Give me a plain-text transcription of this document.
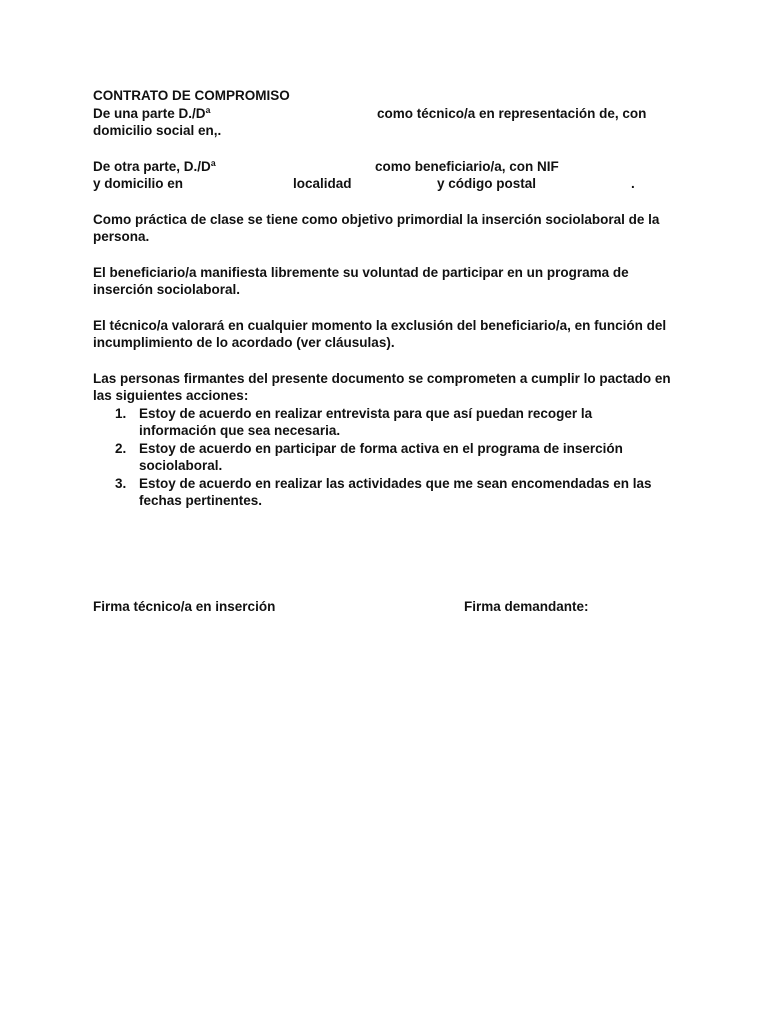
CONTRATO DE COMPROMISO
De una parte D./Dª	como técnico/a en representación de, con
domicilio social en,.
De otra parte, D./Dª	como beneficiario/a, con NIF
y domicilio en	localidad	y código postal	.

Como práctica de clase se tiene como objetivo primordial la inserción sociolaboral de la persona.

El beneficiario/a manifiesta libremente su voluntad de participar en un programa de inserción sociolaboral.

El técnico/a valorará en cualquier momento la exclusión del beneficiario/a, en función del incumplimiento de lo acordado (ver cláusulas).

Las personas firmantes del presente documento se comprometen a cumplir lo pactado en las siguientes acciones:

1. Estoy de acuerdo en realizar entrevista para que así puedan recoger la información que sea necesaria.
2. Estoy de acuerdo en participar de forma activa en el programa de inserción sociolaboral.
3. Estoy de acuerdo en realizar las actividades que me sean encomendadas en las fechas pertinentes.
Firma técnico/a en inserción	Firma demandante:
